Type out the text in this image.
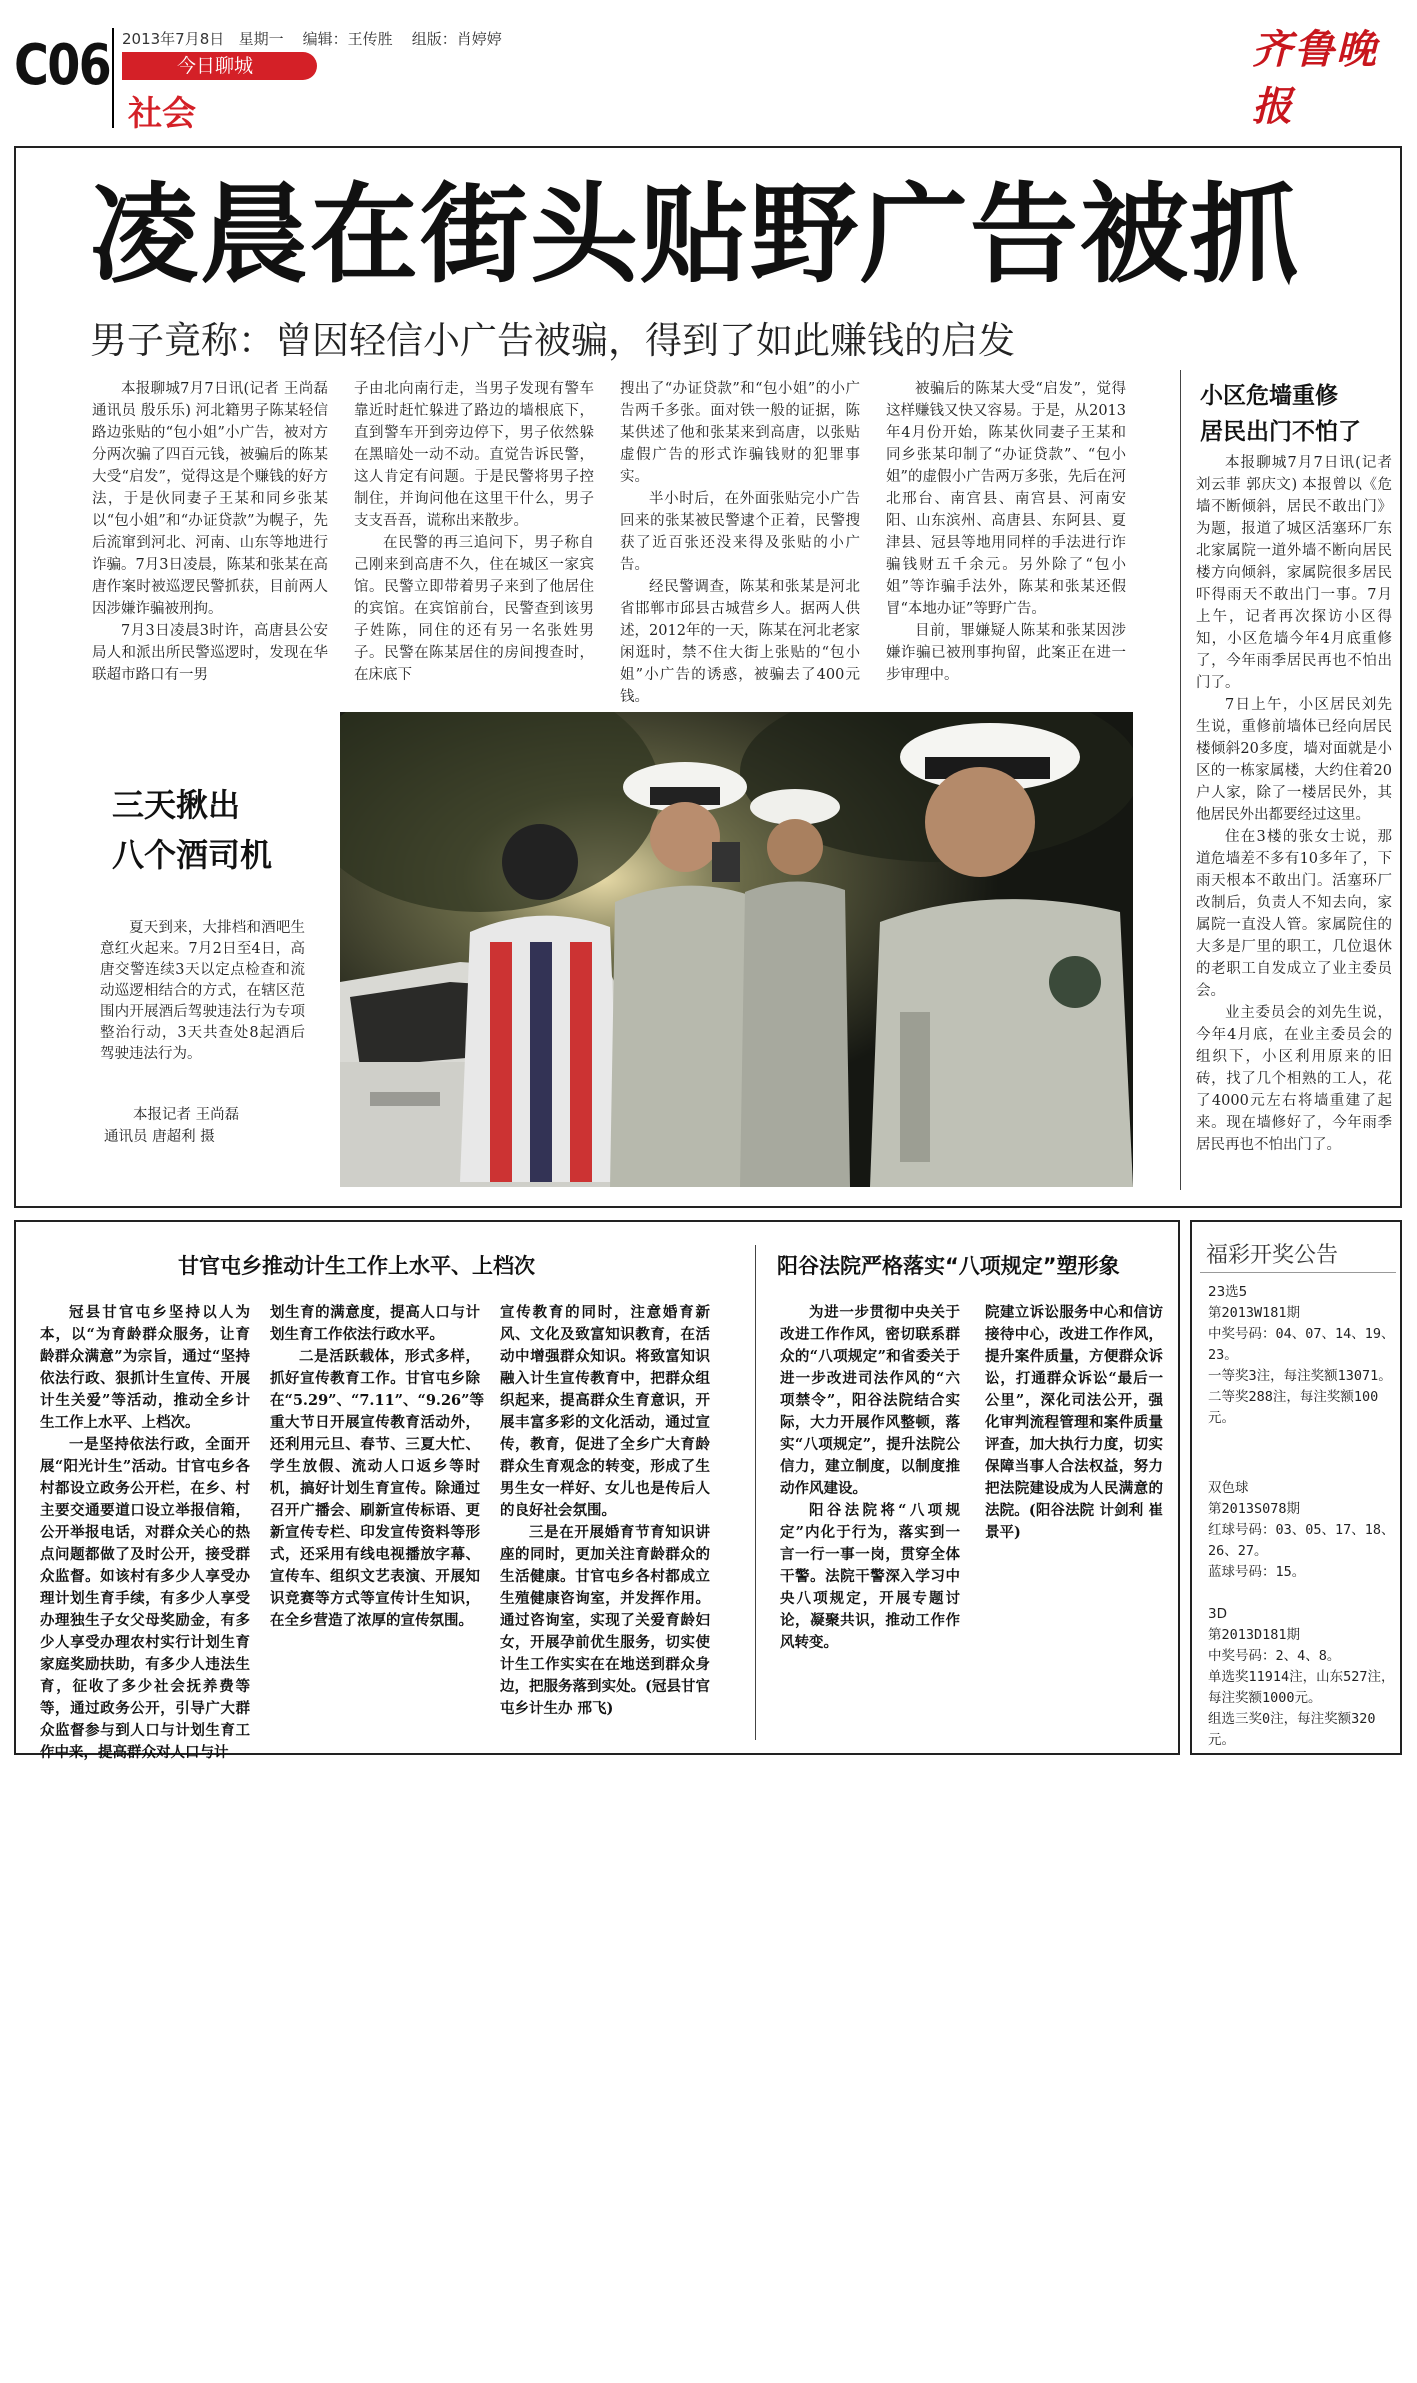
C06 2013年7月8日 星期一 编辑：王传胜 组版：肖婷婷
今日聊城
社会
齐鲁晚报
凌晨在街头贴野广告被抓
男子竟称：曾因轻信小广告被骗，得到了如此赚钱的启发

本报聊城7月7日讯(记者 王尚磊 通讯员 殷乐乐) 河北籍男子陈某轻信路边张贴的“包小姐”小广告，被对方分两次骗了四百元钱，被骗后的陈某大受“启发”，觉得这是个赚钱的好方法，于是伙同妻子王某和同乡张某以“包小姐”和“办证贷款”为幌子，先后流窜到河北、河南、山东等地进行诈骗。7月3日凌晨，陈某和张某在高唐作案时被巡逻民警抓获，目前两人因涉嫌诈骗被刑拘。

7月3日凌晨3时许，高唐县公安局人和派出所民警巡逻时，发现在华联超市路口有一男

子由北向南行走，当男子发现有警车靠近时赶忙躲进了路边的墙根底下，直到警车开到旁边停下，男子依然躲在黑暗处一动不动。直觉告诉民警，这人肯定有问题。于是民警将男子控制住，并询问他在这里干什么，男子支支吾吾，谎称出来散步。

在民警的再三追问下，男子称自己刚来到高唐不久，住在城区一家宾馆。民警立即带着男子来到了他居住的宾馆。在宾馆前台，民警查到该男子姓陈，同住的还有另一名张姓男子。民警在陈某居住的房间搜查时，在床底下

搜出了“办证贷款”和“包小姐”的小广告两千多张。面对铁一般的证据，陈某供述了他和张某来到高唐，以张贴虚假广告的形式诈骗钱财的犯罪事实。

半小时后，在外面张贴完小广告回来的张某被民警逮个正着，民警搜获了近百张还没来得及张贴的小广告。

经民警调查，陈某和张某是河北省邯郸市邱县古城营乡人。据两人供述，2012年的一天，陈某在河北老家闲逛时，禁不住大街上张贴的“包小姐”小广告的诱惑，被骗去了400元钱。

被骗后的陈某大受“启发”，觉得这样赚钱又快又容易。于是，从2013年4月份开始，陈某伙同妻子王某和同乡张某印制了“办证贷款”、“包小姐”的虚假小广告两万多张，先后在河北邢台、南宫县、南宫县、河南安阳、山东滨州、高唐县、东阿县、夏津县、冠县等地用同样的手法进行诈骗钱财五千余元。另外除了“包小姐”等诈骗手法外，陈某和张某还假冒“本地办证”等野广告。

目前，罪嫌疑人陈某和张某因涉嫌诈骗已被刑事拘留，此案正在进一步审理中。

小区危墙重修
居民出门不怕了

本报聊城7月7日讯(记者 刘云菲 郭庆文) 本报曾以《危墙不断倾斜，居民不敢出门》为题，报道了城区活塞环厂东北家属院一道外墙不断向居民楼方向倾斜，家属院很多居民吓得雨天不敢出门一事。7月上午，记者再次探访小区得知，小区危墙今年4月底重修了，今年雨季居民再也不怕出门了。

7日上午，小区居民刘先生说，重修前墙体已经向居民楼倾斜20多度，墙对面就是小区的一栋家属楼，大约住着20户人家，除了一楼居民外，其他居民外出都要经过这里。

住在3楼的张女士说，那道危墙差不多有10多年了，下雨天根本不敢出门。活塞环厂改制后，负责人不知去向，家属院一直没人管。家属院住的大多是厂里的职工，几位退休的老职工自发成立了业主委员会。

业主委员会的刘先生说，今年4月底，在业主委员会的组织下，小区利用原来的旧砖，找了几个相熟的工人，花了4000元左右将墙重建了起来。现在墙修好了，今年雨季居民再也不怕出门了。

三天揪出
八个酒司机

夏天到来，大排档和酒吧生意红火起来。7月2日至4日，高唐交警连续3天以定点检查和流动巡逻相结合的方式，在辖区范围内开展酒后驾驶违法行为专项整治行动，3天共查处8起酒后驾驶违法行为。

本报记者 王尚磊
通讯员 唐超利 摄
甘官屯乡推动计生工作上水平、上档次	阳谷法院严格落实“八项规定”塑形象

冠县甘官屯乡坚持以人为本，以“为育龄群众服务，让育龄群众满意”为宗旨，通过“坚持依法行政、狠抓计生宣传、开展计生关爱”等活动，推动全乡计生工作上水平、上档次。

一是坚持依法行政，全面开展“阳光计生”活动。甘官屯乡各村都设立政务公开栏，在乡、村主要交通要道口设立举报信箱，公开举报电话，对群众关心的热点问题都做了及时公开，接受群众监督。如该村有多少人享受办理计划生育手续，有多少人享受办理独生子女父母奖励金，有多少人享受办理农村实行计划生育家庭奖励扶助，有多少人违法生育，征收了多少社会抚养费等等，通过政务公开，引导广大群众监督参与到人口与计划生育工作中来，提高群众对人口与计

划生育的满意度，提高人口与计划生育工作依法行政水平。

二是活跃载体，形式多样，抓好宣传教育工作。甘官屯乡除在“5.29”、“7.11”、“9.26”等重大节日开展宣传教育活动外，还利用元旦、春节、三夏大忙、学生放假、流动人口返乡等时机，搞好计划生育宣传。除通过召开广播会、刷新宣传标语、更新宣传专栏、印发宣传资料等形式，还采用有线电视播放字幕、宣传车、组织文艺表演、开展知识竞赛等方式等宣传计生知识，在全乡营造了浓厚的宣传氛围。

宣传教育的同时，注意婚育新风、文化及致富知识教育，在活动中增强群众知识。将致富知识融入计生宣传教育中，把群众组织起来，提高群众生育意识，开展丰富多彩的文化活动，通过宣传，教育，促进了全乡广大育龄群众生育观念的转变，形成了生男生女一样好、女儿也是传后人的良好社会氛围。

三是在开展婚育节育知识讲座的同时，更加关注育龄群众的生活健康。甘官屯乡各村都成立生殖健康咨询室，并发挥作用。通过咨询室，实现了关爱育龄妇女，开展孕前优生服务，切实使计生工作实实在在地送到群众身边，把服务落到实处。(冠县甘官屯乡计生办 邢飞)

为进一步贯彻中央关于改进工作作风，密切联系群众的“八项规定”和省委关于进一步改进司法作风的“六项禁令”，阳谷法院结合实际，大力开展作风整顿，落实“八项规定”，提升法院公信力，建立制度，以制度推动作风建设。

阳谷法院将“八项规定”内化于行为，落实到一言一行一事一岗，贯穿全体干警。法院干警深入学习中央八项规定，开展专题讨论，凝聚共识，推动工作作风转变。

院建立诉讼服务中心和信访接待中心，改进工作作风，提升案件质量，方便群众诉讼，打通群众诉讼“最后一公里”，深化司法公开，强化审判流程管理和案件质量评查，加大执行力度，切实保障当事人合法权益，努力把法院建设成为人民满意的法院。(阳谷法院 计剑利 崔景平)

福彩开奖公告
23选5
第2013W181期
中奖号码：04、07、14、19、23。
一等奖3注，每注奖额13071。
二等奖288注，每注奖额100元。
双色球
第2013S078期
红球号码：03、05、17、18、26、27。
蓝球号码：15。
3D
第2013D181期
中奖号码：2、4、8。
单选奖11914注，山东527注，每注奖额1000元。
组选三奖0注，每注奖额320元。
